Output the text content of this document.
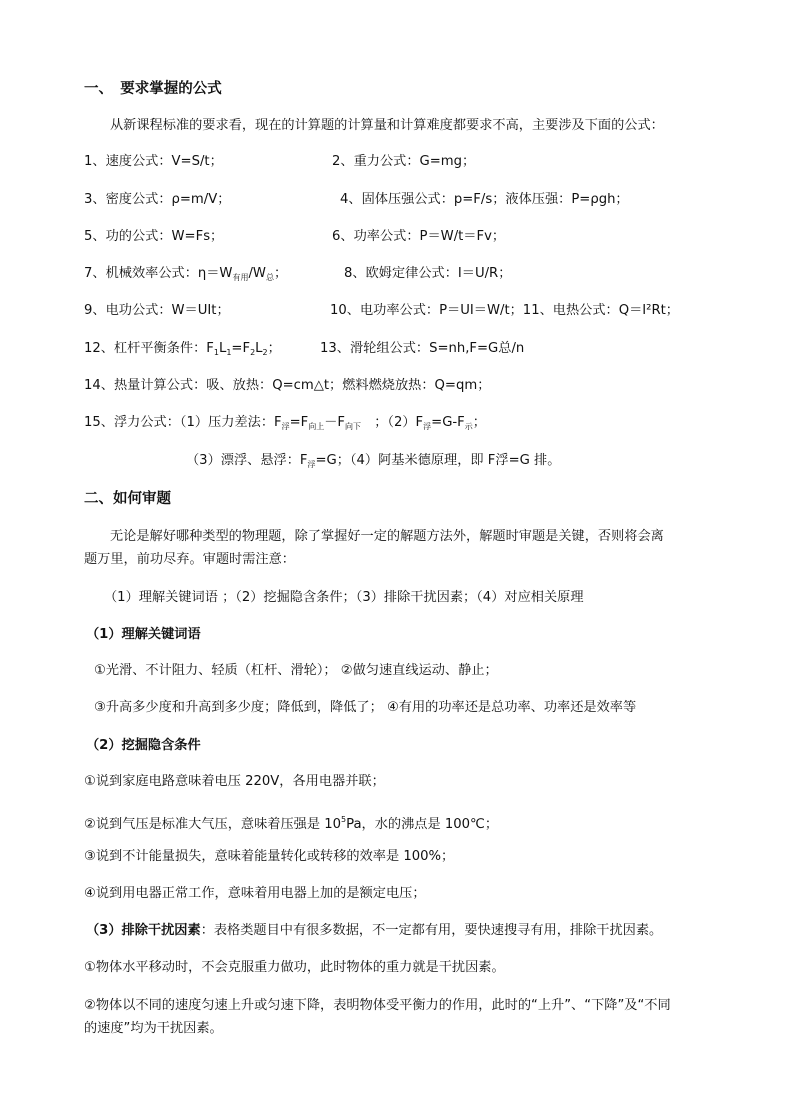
一、　要求掌握的公式
从新课程标准的要求看，现在的计算题的计算量和计算难度都要求不高，主要涉及下面的公式：
1、速度公式：V=S/t；	2、重力公式：G=mg；
3、密度公式：ρ=m/V；	4、固体压强公式：p=F/s；液体压强：P=ρgh；
5、功的公式：W=Fs；	6、功率公式：P＝W/t＝Fv；
7、机械效率公式：$\eta=W_{有用}/W_总$；	8、欧姆定律公式：I＝U/R；
9、电功公式：W＝UIt；	10、电功率公式：P＝UI＝W/t；11、电热公式：Q＝I²Rt；
12、杠杆平衡条件：$F_1L_1=F_2L_2$；	13、滑轮组公式：S=nh,F=G总/n
14、热量计算公式：吸、放热：Q=cm△t；燃料燃烧放热：Q=qm；
15、浮力公式：（1）压力差法：$F_浮=F_{向上}-F_{向下}$　；$(2)F_浮=G-F_示$；
（3）漂浮、悬浮：$F_浮=G$；（4）阿基米德原理，即 F浮=G 排。
二、如何审题
无论是解好哪种类型的物理题，除了掌握好一定的解题方法外，解题时审题是关键，否则将会离
题万里，前功尽弃。审题时需注意：
（1）理解关键词语 ；（2）挖掘隐含条件；（3）排除干扰因素；（4）对应相关原理
（1）理解关键词语
①光滑、不计阻力、轻质（杠杆、滑轮）； ②做匀速直线运动、静止；
③升高多少度和升高到多少度；降低到，降低了； ④有用的功率还是总功率、功率还是效率等
（2）挖掘隐含条件
①说到家庭电路意味着电压 220V，各用电器并联；
②说到气压是标准大气压，意味着压强是 $10^5Pa$，水的沸点是 100℃；
③说到不计能量损失，意味着能量转化或转移的效率是 100%；
④说到用电器正常工作，意味着用电器上加的是额定电压；
（3）排除干扰因素：表格类题目中有很多数据，不一定都有用，要快速搜寻有用，排除干扰因素。
①物体水平移动时，不会克服重力做功，此时物体的重力就是干扰因素。
②物体以不同的速度匀速上升或匀速下降，表明物体受平衡力的作用，此时的“上升”、“下降”及“不同
的速度”均为干扰因素。
